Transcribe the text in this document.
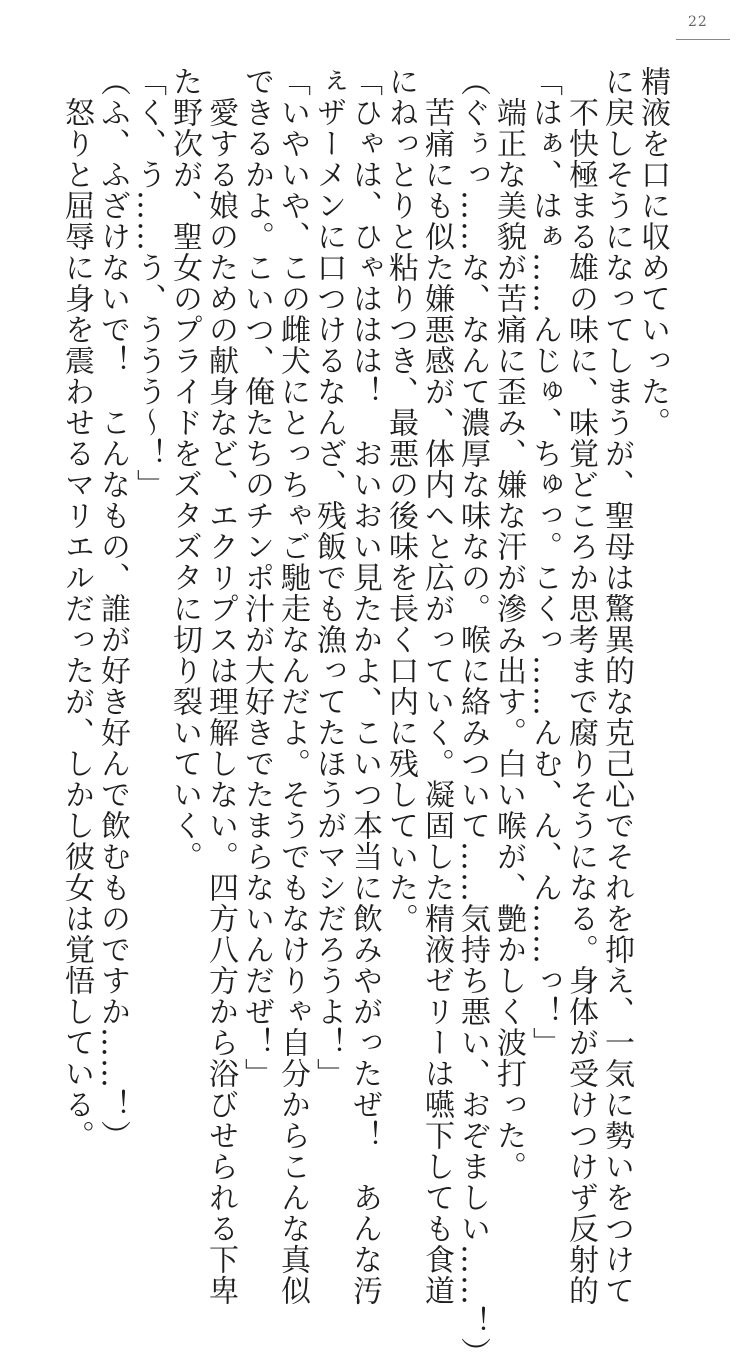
22
精液を口に収めていった。
に戻しそうになってしまうが、聖母は驚異的な克己心でそれを抑え、一気に勢いをつけて
　不快極まる雄の味に、味覚どころか思考まで腐りそうになる。身体が受けつけず反射的
「はぁ、はぁ……んじゅ、ちゅっ。こくっ……んむ、ん、ん……っ！」
　端正な美貌が苦痛に歪み、嫌な汗が滲み出す。白い喉が、艶かしく波打った。
（ぐぅっ……な、なんて濃厚な味なの。喉に絡みついて……気持ち悪い、おぞましい……！）
　苦痛にも似た嫌悪感が、体内へと広がっていく。凝固した精液ゼリーは嚥下しても食道
にねっとりと粘りつき、最悪の後味を長く口内に残していた。
「ひゃは、ひゃははは！　おいおい見たかよ、こいつ本当に飲みやがったぜ！　あんな汚
ぇザーメンに口つけるなんざ、残飯でも漁ってたほうがマシだろうよ！」
「いやいや、この雌犬にとっちゃご馳走なんだよ。そうでもなけりゃ自分からこんな真似
できるかよ。こいつ、俺たちのチンポ汁が大好きでたまらないんだぜ！」
　愛する娘のための献身など、エクリプスは理解しない。四方八方から浴びせられる下卑
た野次が、聖女のプライドをズタズタに切り裂いていく。
「く、う……う、ううう～！」
（ふ、ふざけないで！　こんなもの、誰が好き好んで飲むものですか……！）
　怒りと屈辱に身を震わせるマリエルだったが、しかし彼女は覚悟している。
